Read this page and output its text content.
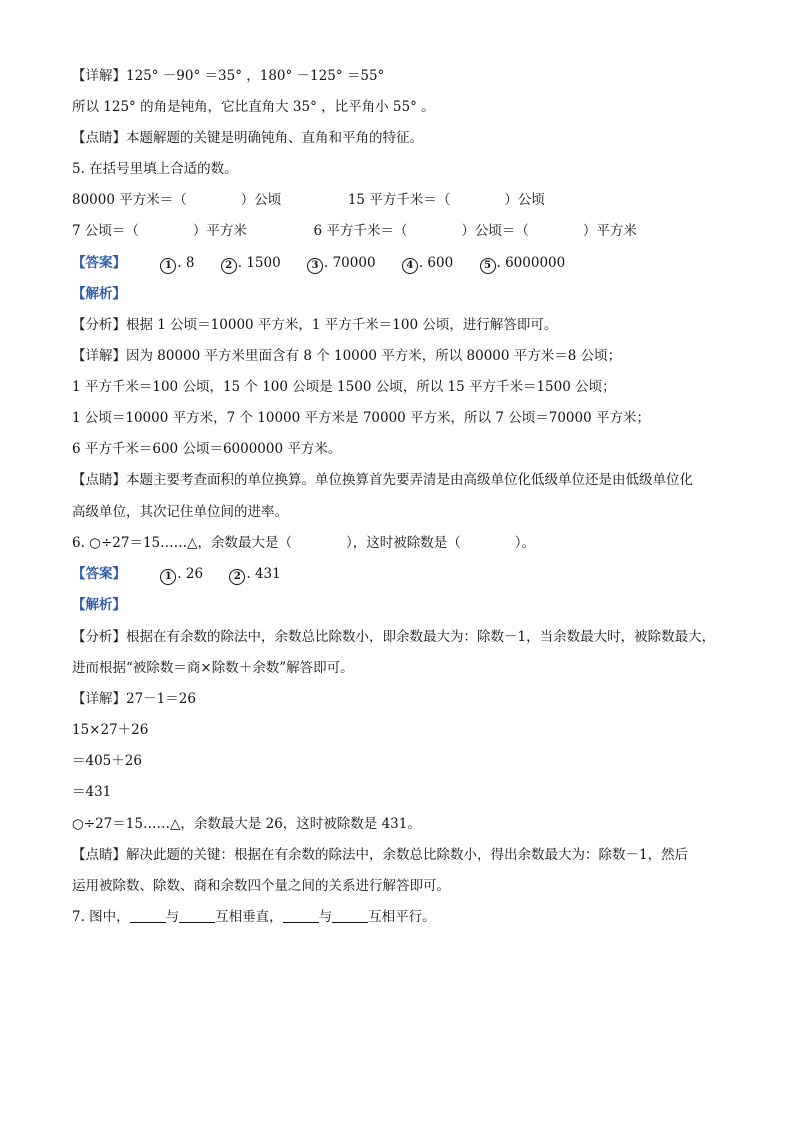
【详解】125° －90° ＝35° ，180° －125° ＝55°
所以 125° 的角是钝角，它比直角大 35° ，比平角小 55° 。
【点睛】本题解题的关键是明确钝角、直角和平角的特征。
5. 在括号里填上合适的数。
80000 平方米＝（　　　　）公顷	15 平方千米＝（　　　　）公顷
7 公顷＝（　　　　）平方米	6 平方千米＝（　　　　）公顷＝（　　　　）平方米
【答案】	1 . 8	2 . 1500	3 . 70000	4 . 600	5 . 6000000
【解析】
【分析】根据 1 公顷＝10000 平方米，1 平方千米＝100 公顷，进行解答即可。
【详解】因为 80000 平方米里面含有 8 个 10000 平方米，所以 80000 平方米＝8 公顷；
1 平方千米＝100 公顷，15 个 100 公顷是 1500 公顷，所以 15 平方千米＝1500 公顷；
1 公顷＝10000 平方米，7 个 10000 平方米是 70000 平方米，所以 7 公顷＝70000 平方米；
6 平方千米＝600 公顷＝6000000 平方米。
【点睛】本题主要考查面积的单位换算。单位换算首先要弄清是由高级单位化低级单位还是由低级单位化
高级单位，其次记住单位间的进率。
6. ○÷27＝15……△，余数最大是（　　　　），这时被除数是（　　　　）。
【答案】	1 . 26	2 . 431
【解析】
【分析】根据在有余数的除法中，余数总比除数小，即余数最大为：除数－1，当余数最大时，被除数最大，
进而根据“被除数＝商×除数＋余数”解答即可。
【详解】27－1＝26
15×27＋26
＝405＋26
＝431
○÷27＝15……△，余数最大是 26，这时被除数是 431。
【点睛】解决此题的关键：根据在有余数的除法中，余数总比除数小，得出余数最大为：除数－1，然后
运用被除数、除数、商和余数四个量之间的关系进行解答即可。
7. 图中，	与	互相垂直，	与	互相平行。
